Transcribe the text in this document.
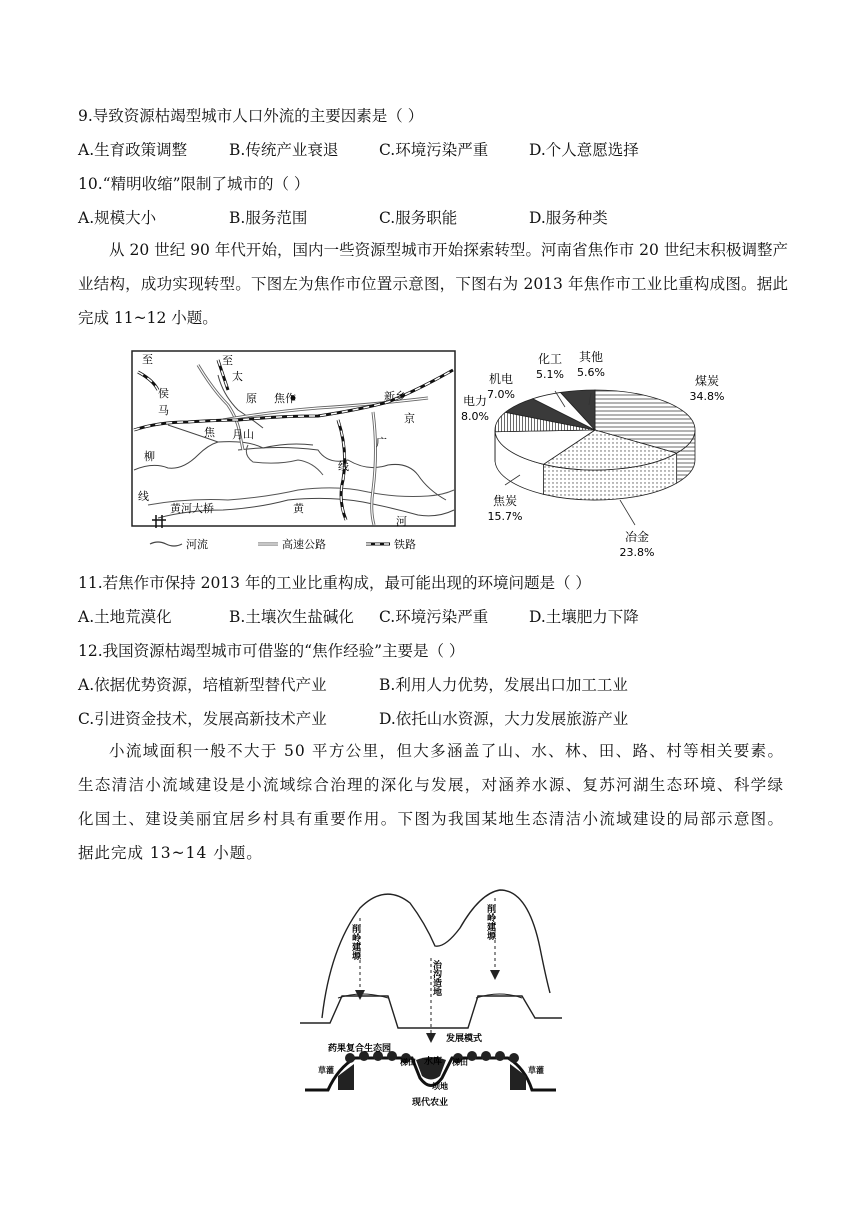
9.导致资源枯竭型城市人口外流的主要因素是（ ）
A.生育政策调整	B.传统产业衰退	C.环境污染严重	D.个人意愿选择
10.“精明收缩”限制了城市的（ ）
A.规模大小	B.服务范围	C.服务职能	D.服务种类
从 20 世纪 90 年代开始，国内一些资源型城市开始探索转型。河南省焦作市 20 世纪末积极调整产业结构，成功实现转型。下图左为焦作市位置示意图，下图右为 2013 年焦作市工业比重构成图。据此完成 11~12 小题。
至
侯
马
柳
线
至
太
原 焦作	新乡
京
焦 月山
广
线
黄河大桥	黄
河
河流	高速公路	铁路
煤炭
34.8%
冶金
23.8%
焦炭
15.7%
电力
8.0%
机电
7.0%
化工
5.1%
其他
5.6%
11.若焦作市保持 2013 年的工业比重构成，最可能出现的环境问题是（ ）
A.土地荒漠化	B.土壤次生盐碱化 C.环境污染严重	D.土壤肥力下降
12.我国资源枯竭型城市可借鉴的“焦作经验”主要是（ ）
A.依据优势资源，培植新型替代产业	B.利用人力优势，发展出口加工工业
C.引进资金技术，发展高新技术产业	D.依托山水资源，大力发展旅游产业
小流域面积一般不大于 50 平方公里，但大多涵盖了山、水、林、田、路、村等相关要素。生态清洁小流域建设是小流域综合治理的深化与发展，对涵养水源、复苏河湖生态环境、科学绿化国土、建设美丽宜居乡村具有重要作用。下图为我国某地生态清洁小流域建设的局部示意图。据此完成 13~14 小题。
削岭建塬
削岭建塬
治沟造地
发展模式
药果复合生态园
梯田	梯田
水库
草灌	草灌
坝地
现代农业
